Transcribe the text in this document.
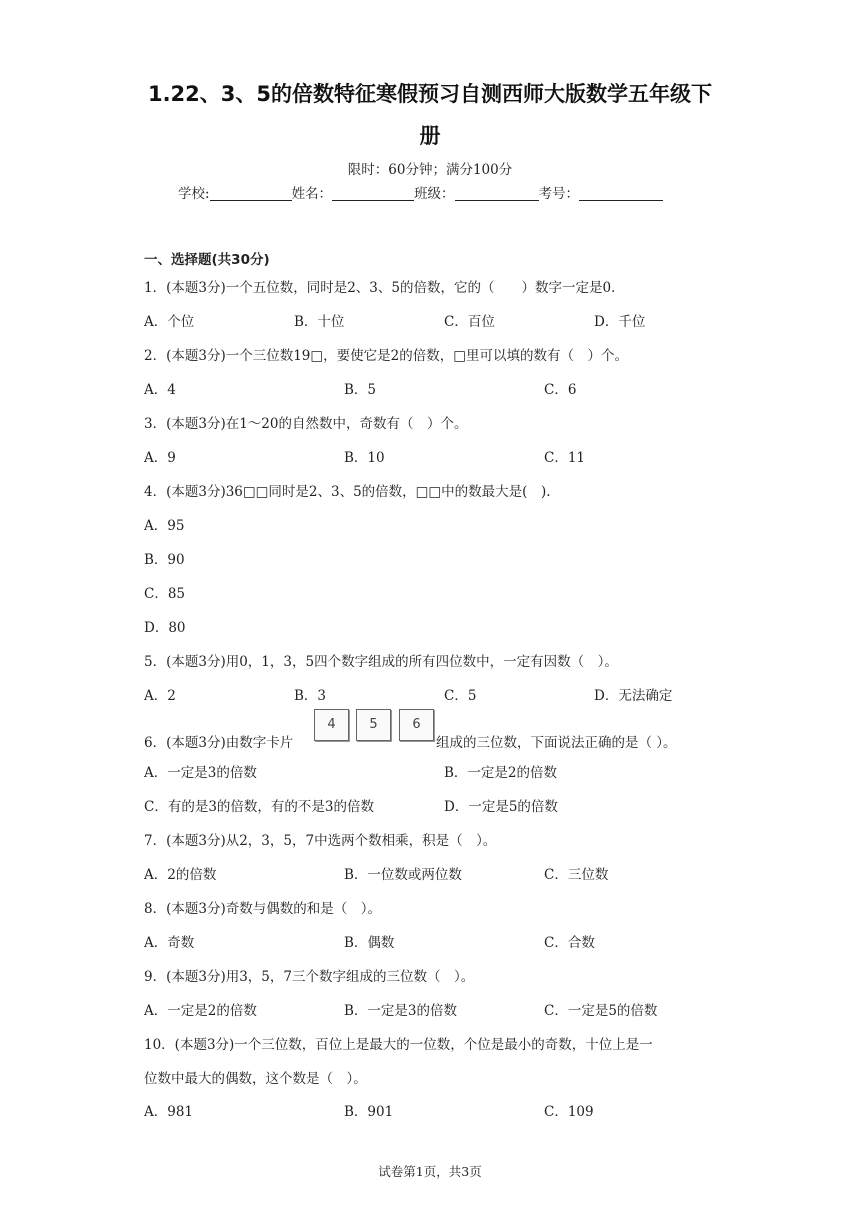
1.22、3、5的倍数特征寒假预习自测西师大版数学五年级下
册
限时：60分钟；满分100分
学校:	姓名：	班级：	考号：
一、选择题(共30分)
1．(本题3分)一个五位数，同时是2、3、5的倍数，它的（　　）数字一定是0．
A．个位	B．十位	C．百位	D．千位
2．(本题3分)一个三位数19□，要使它是2的倍数，□里可以填的数有（　）个。
A．4	B．5	C．6
3．(本题3分)在1～20的自然数中，奇数有（　）个。
A．9	B．10	C．11
4．(本题3分)36□□同时是2、3、5的倍数，□□中的数最大是(　).
A．95
B．90
C．85
D．80
5．(本题3分)用0，1，3，5四个数字组成的所有四位数中，一定有因数（　）。
A．2	B．3	C．5	D．无法确定
6．(本题3分)由数字卡片
4	5	6
组成的三位数，下面说法正确的是（ ）。
A．一定是3的倍数	B．一定是2的倍数
C．有的是3的倍数，有的不是3的倍数	D．一定是5的倍数
7．(本题3分)从2，3，5，7中选两个数相乘，积是（　）。
A．2的倍数	B．一位数或两位数	C．三位数
8．(本题3分)奇数与偶数的和是（　）。
A．奇数	B．偶数	C．合数
9．(本题3分)用3，5，7三个数字组成的三位数（　）。
A．一定是2的倍数	B．一定是3的倍数	C．一定是5的倍数
10．(本题3分)一个三位数，百位上是最大的一位数，个位是最小的奇数，十位上是一
位数中最大的偶数，这个数是（　）。
A．981	B．901	C．109
试卷第1页，共3页
